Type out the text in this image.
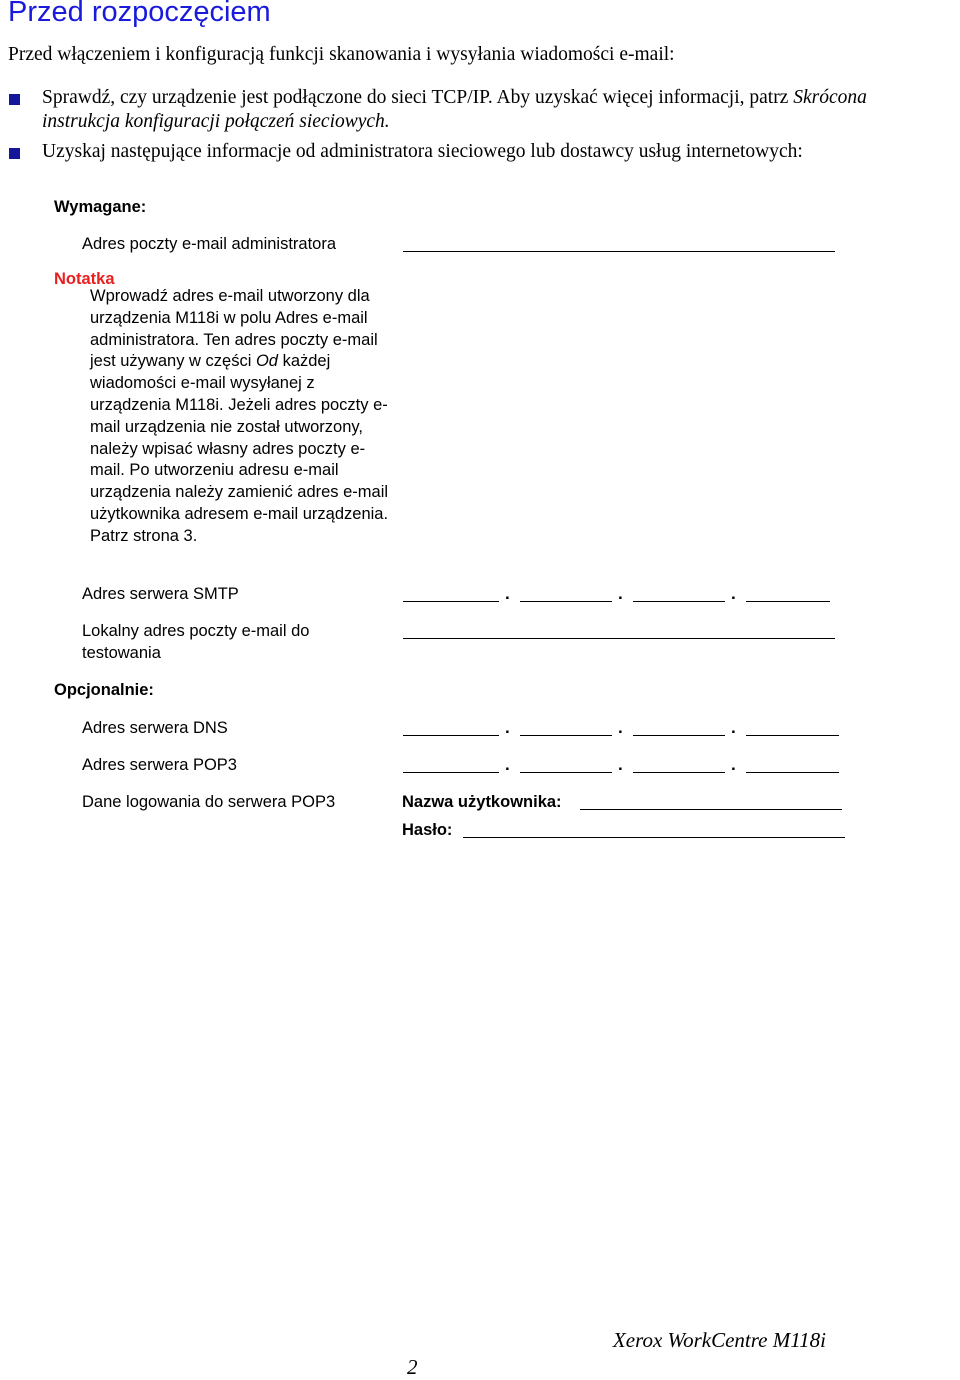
Przed rozpoczęciem
Przed włączeniem i konfiguracją funkcji skanowania i wysyłania wiadomości e-mail:
Sprawdź, czy urządzenie jest podłączone do sieci TCP/IP. Aby uzyskać więcej informacji, patrz Skrócona
instrukcja konfiguracji połączeń sieciowych.
Uzyskaj następujące informacje od administratora sieciowego lub dostawcy usług internetowych:
Wymagane:
Adres poczty e-mail administratora
Notatka
Wprowadź adres e-mail utworzony dla urządzenia M118i w polu Adres e-mail administratora. Ten adres poczty e-mail jest używany w części Od każdej wiadomości e-mail wysyłanej z urządzenia M118i. Jeżeli adres poczty e-mail urządzenia nie został utworzony, należy wpisać własny adres poczty e-mail. Po utworzeniu adresu e-mail urządzenia należy zamienić adres e-mail użytkownika adresem e-mail urządzenia. Patrz strona 3.
Adres serwera SMTP	.	.	.
Lokalny adres poczty e-mail do
testowania
Opcjonalnie:
Adres serwera DNS	.	.	.
Adres serwera POP3	.	.	.
Dane logowania do serwera POP3	Nazwa użytkownika:
Hasło:
Xerox WorkCentre M118i
2
